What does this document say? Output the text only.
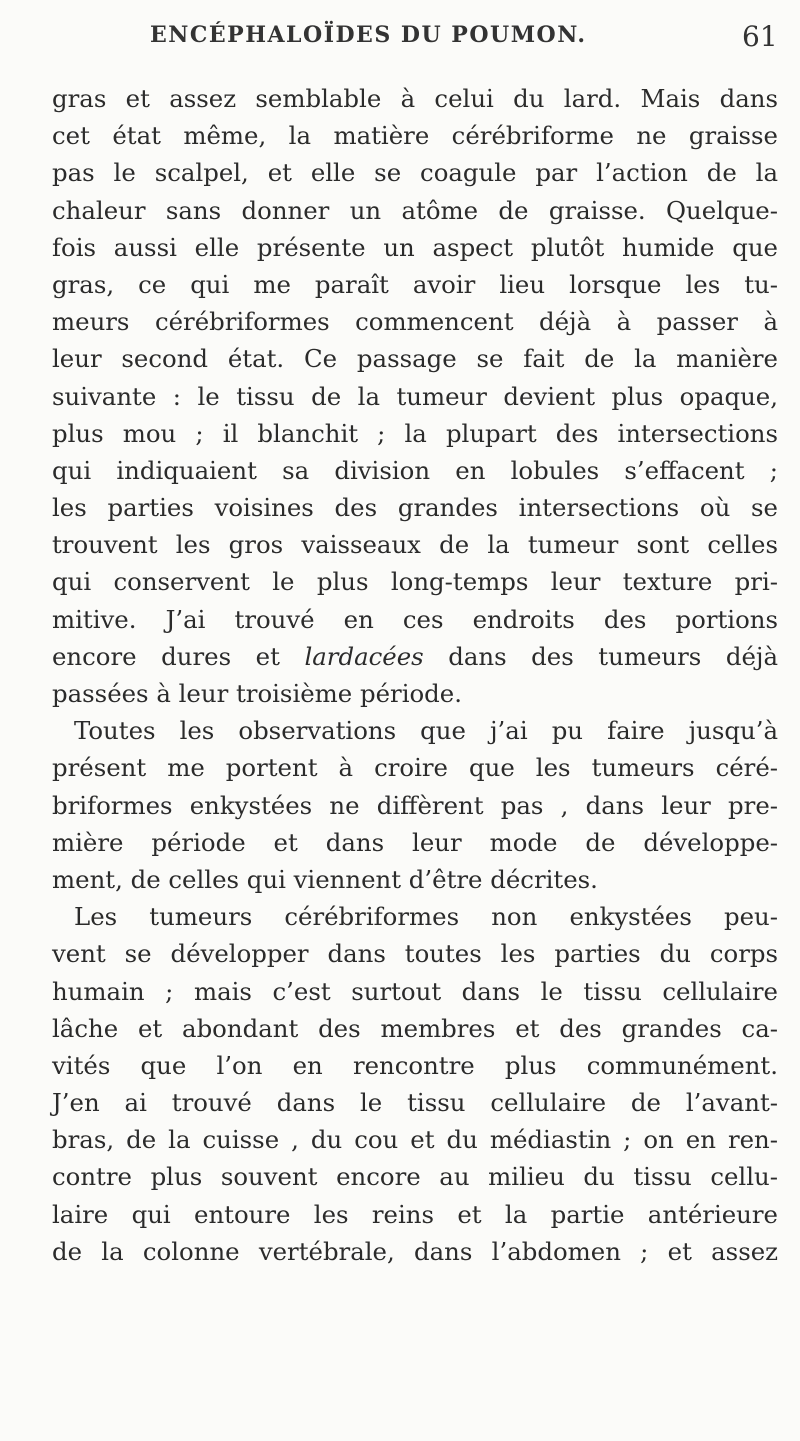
ENCÉPHALOÏDES DU POUMON.	61
gras et assez semblable à celui du lard. Mais dans
cet état même, la matière cérébriforme ne graisse
pas le scalpel, et elle se coagule par l’action de la
chaleur sans donner un atôme de graisse. Quelque-
fois aussi elle présente un aspect plutôt humide que
gras, ce qui me paraît avoir lieu lorsque les tu-
meurs cérébriformes commencent déjà à passer à
leur second état. Ce passage se fait de la manière
suivante : le tissu de la tumeur devient plus opaque,
plus mou ; il blanchit ; la plupart des intersections
qui indiquaient sa division en lobules s’effacent ;
les parties voisines des grandes intersections où se
trouvent les gros vaisseaux de la tumeur sont celles
qui conservent le plus long-temps leur texture pri-
mitive. J’ai trouvé en ces endroits des portions
encore dures et lardacées dans des tumeurs déjà
passées à leur troisième période.
Toutes les observations que j’ai pu faire jusqu’à
présent me portent à croire que les tumeurs céré-
briformes enkystées ne diffèrent pas , dans leur pre-
mière période et dans leur mode de développe-
ment, de celles qui viennent d’être décrites.
Les tumeurs cérébriformes non enkystées peu-
vent se développer dans toutes les parties du corps
humain ; mais c’est surtout dans le tissu cellulaire
lâche et abondant des membres et des grandes ca-
vités que l’on en rencontre plus communément.
J’en ai trouvé dans le tissu cellulaire de l’avant-
bras, de la cuisse , du cou et du médiastin ; on en ren-
contre plus souvent encore au milieu du tissu cellu-
laire qui entoure les reins et la partie antérieure
de la colonne vertébrale, dans l’abdomen ; et assez
